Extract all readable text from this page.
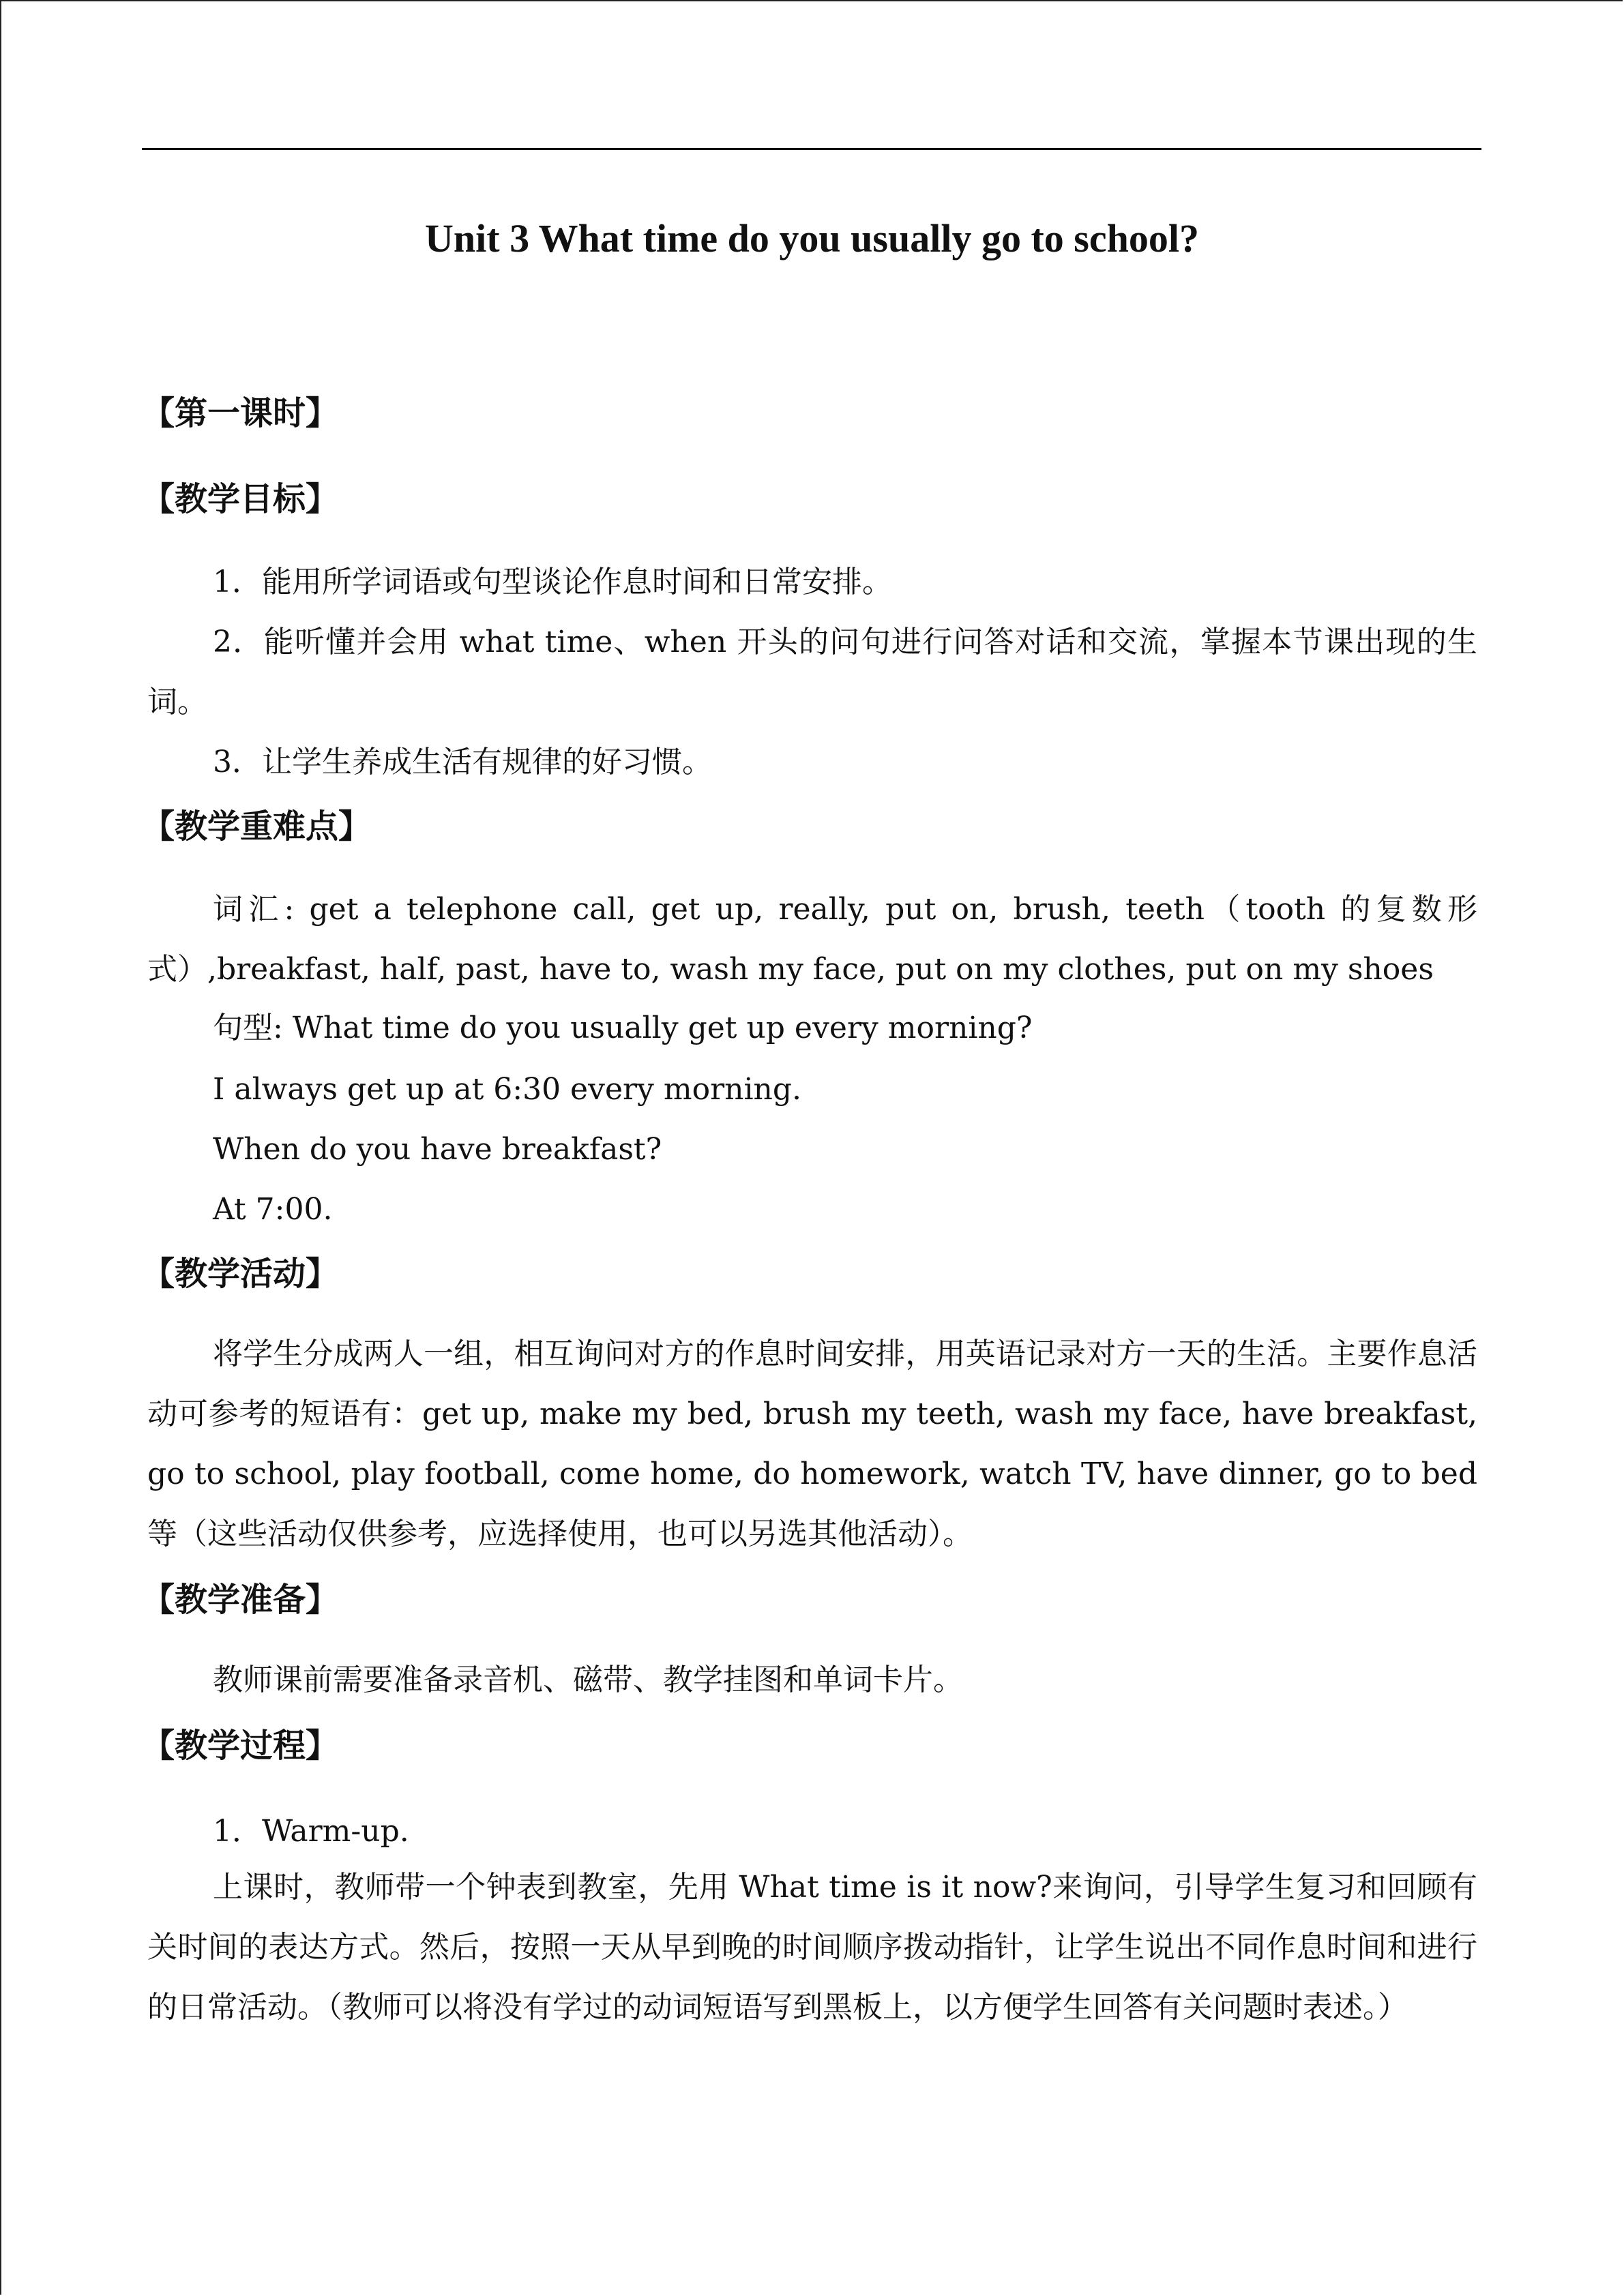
Unit 3 What time do you usually go to school?
【第一课时】
【教学目标】

1．能用所学词语或句型谈论作息时间和日常安排。

2．能听懂并会用 what time、when 开头的问句进行问答对话和交流，掌握本节课出现的生词。

3．让学生养成生活有规律的好习惯。

【教学重难点】

词汇: get a telephone call, get up, really, put on, brush, teeth（tooth 的复数形式）,breakfast, half, past, have to, wash my face, put on my clothes, put on my shoes

句型: What time do you usually get up every morning?

I always get up at 6:30 every morning.

When do you have breakfast?

At 7:00.

【教学活动】

将学生分成两人一组，相互询问对方的作息时间安排，用英语记录对方一天的生活。主要作息活动可参考的短语有：get up, make my bed, brush my teeth, wash my face, have breakfast, go to school, play football, come home, do homework, watch TV, have dinner, go to bed 等（这些活动仅供参考，应选择使用，也可以另选其他活动）。

【教学准备】

教师课前需要准备录音机、磁带、教学挂图和单词卡片。

【教学过程】

1．Warm-up.

上课时，教师带一个钟表到教室，先用 What time is it now?来询问，引导学生复习和回顾有关时间的表达方式。然后，按照一天从早到晚的时间顺序拨动指针，让学生说出不同作息时间和进行的日常活动。（教师可以将没有学过的动词短语写到黑板上，以方便学生回答有关问题时表述。）
